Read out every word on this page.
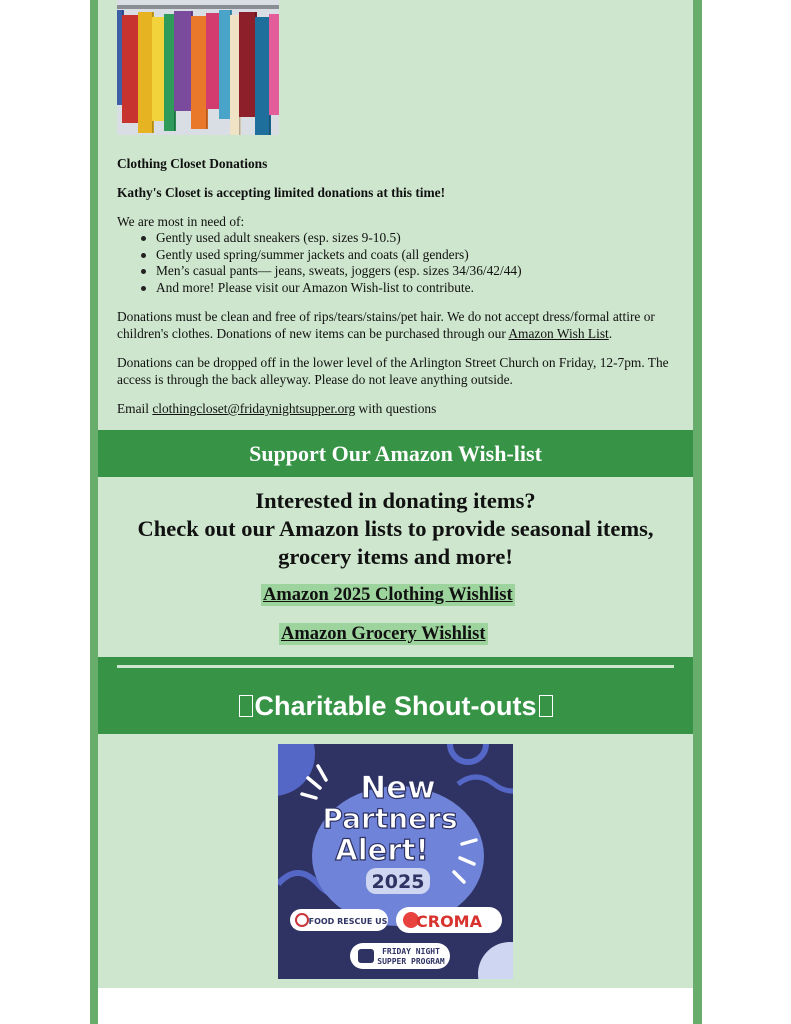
Clothing Closet Donations

Kathy's Closet is accepting limited donations at this time!

We are most in need of:

Gently used adult sneakers (esp. sizes 9-10.5)
Gently used spring/summer jackets and coats (all genders)
Men’s casual pants— jeans, sweats, joggers (esp. sizes 34/36/42/44)
And more! Please visit our Amazon Wish-list to contribute.

Donations must be clean and free of rips/tears/stains/pet hair. We do not accept dress/formal attire or children's clothes. Donations of new items can be purchased through our Amazon Wish List.

Donations can be dropped off in the lower level of the Arlington Street Church on Friday, 12-7pm. The access is through the back alleyway. Please do not leave anything outside.

Email clothingcloset@fridaynightsupper.org with questions

Support Our Amazon Wish-list
Interested in donating items?
Check out our Amazon lists to provide seasonal items,
grocery items and more!
Amazon 2025 Clothing Wishlist
Amazon Grocery Wishlist
Charitable Shout-outs
New
Partners
Alert!
2025
FOOD RESCUE US CROMA
FRIDAY NIGHT
SUPPER PROGRAM
